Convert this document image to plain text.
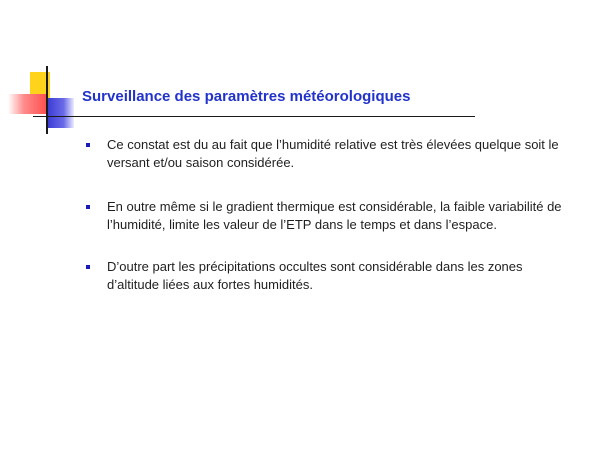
Surveillance des paramètres météorologiques
Ce constat est du au fait que l’humidité relative est très élevées quelque soit le versant et/ou saison considérée.
En outre même si le gradient thermique est considérable, la faible variabilité de l’humidité, limite les valeur de l’ETP dans le temps et dans l’espace.
D’outre part les précipitations occultes sont considérable dans les zones d’altitude liées aux fortes humidités.
